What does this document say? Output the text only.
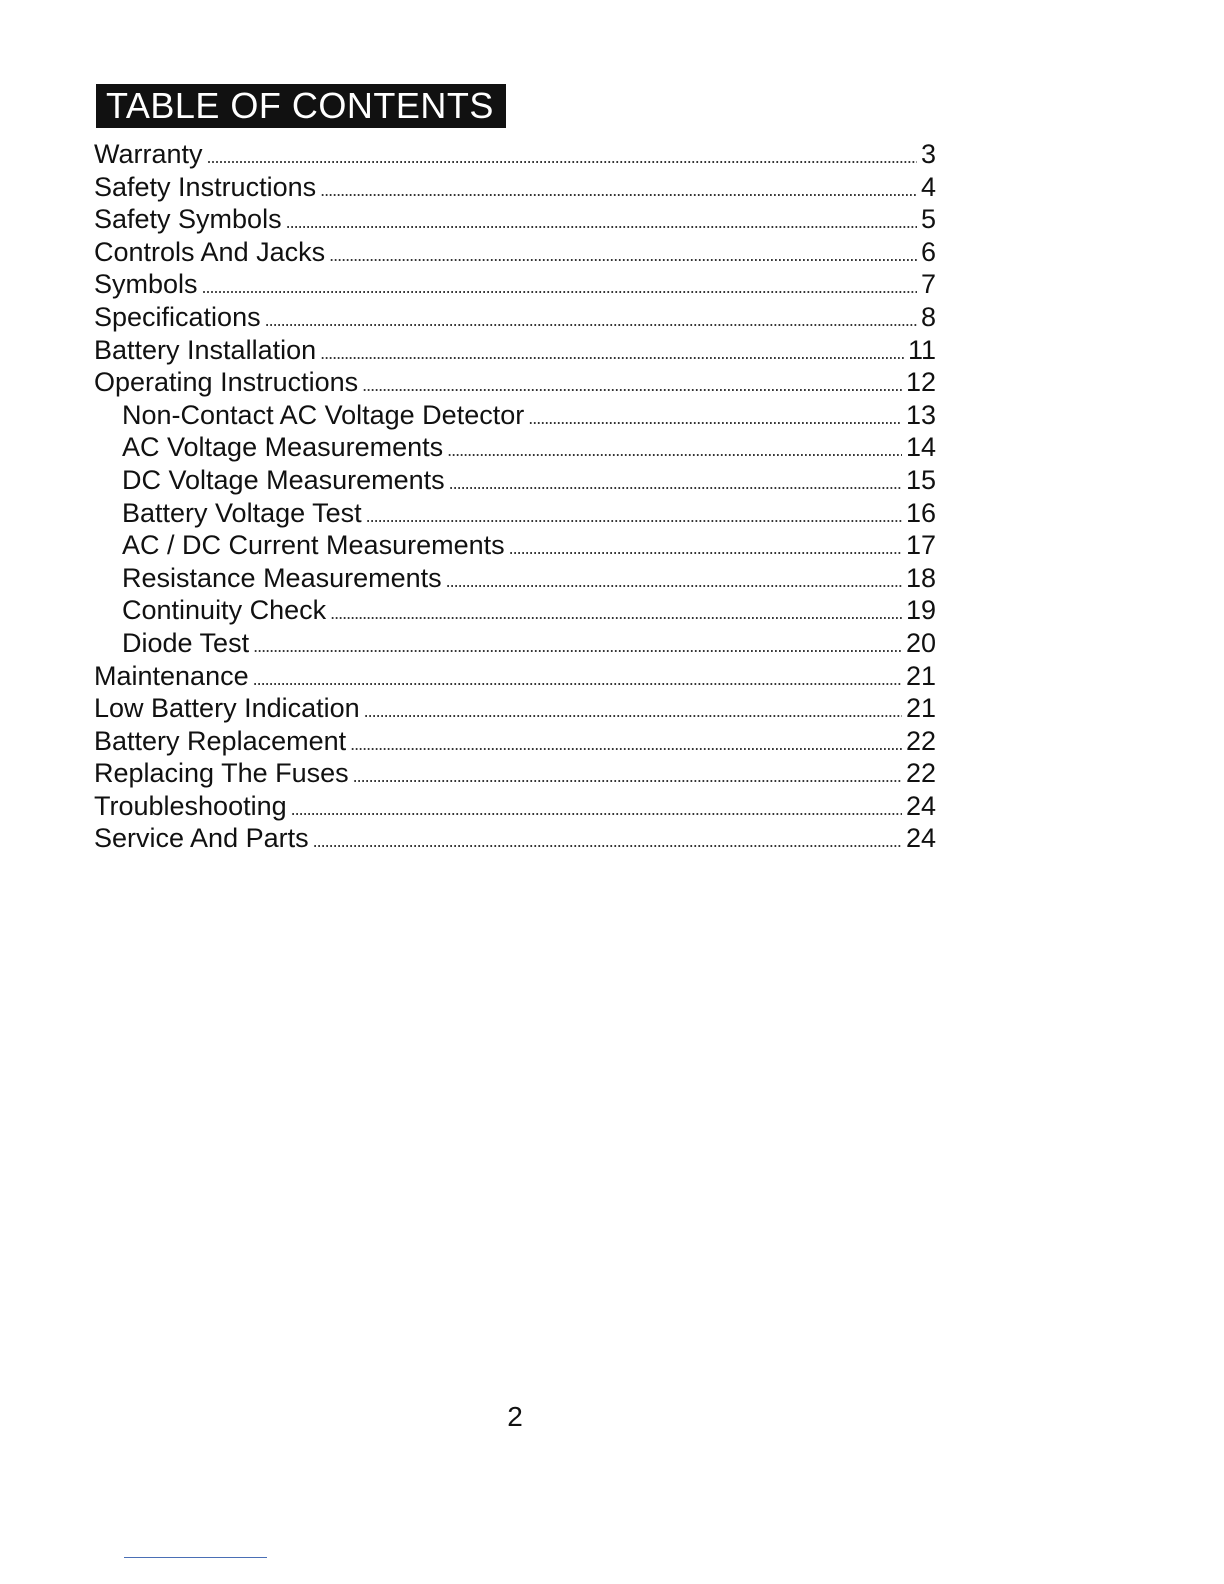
TABLE OF CONTENTS
Warranty . . .	3
Safety Instructions . . .	4
Safety Symbols . . .	5
Controls And Jacks . . .	6
Symbols . . .	7
Specifications . . .	8
Battery Installation . . .	11
Operating Instructions . . .	12
Non-Contact AC Voltage Detector . . .	13
AC Voltage Measurements . . .	14
DC Voltage Measurements . . .	15
Battery Voltage Test . . .	16
AC / DC Current Measurements . . .	17
Resistance Measurements . . .	18
Continuity Check . . .	19
Diode Test . . .	20
Maintenance . . .	21
Low Battery Indication . . .	21
Battery Replacement . . .	22
Replacing The Fuses . . .	22
Troubleshooting . . .	24
Service And Parts . . .	24
2
